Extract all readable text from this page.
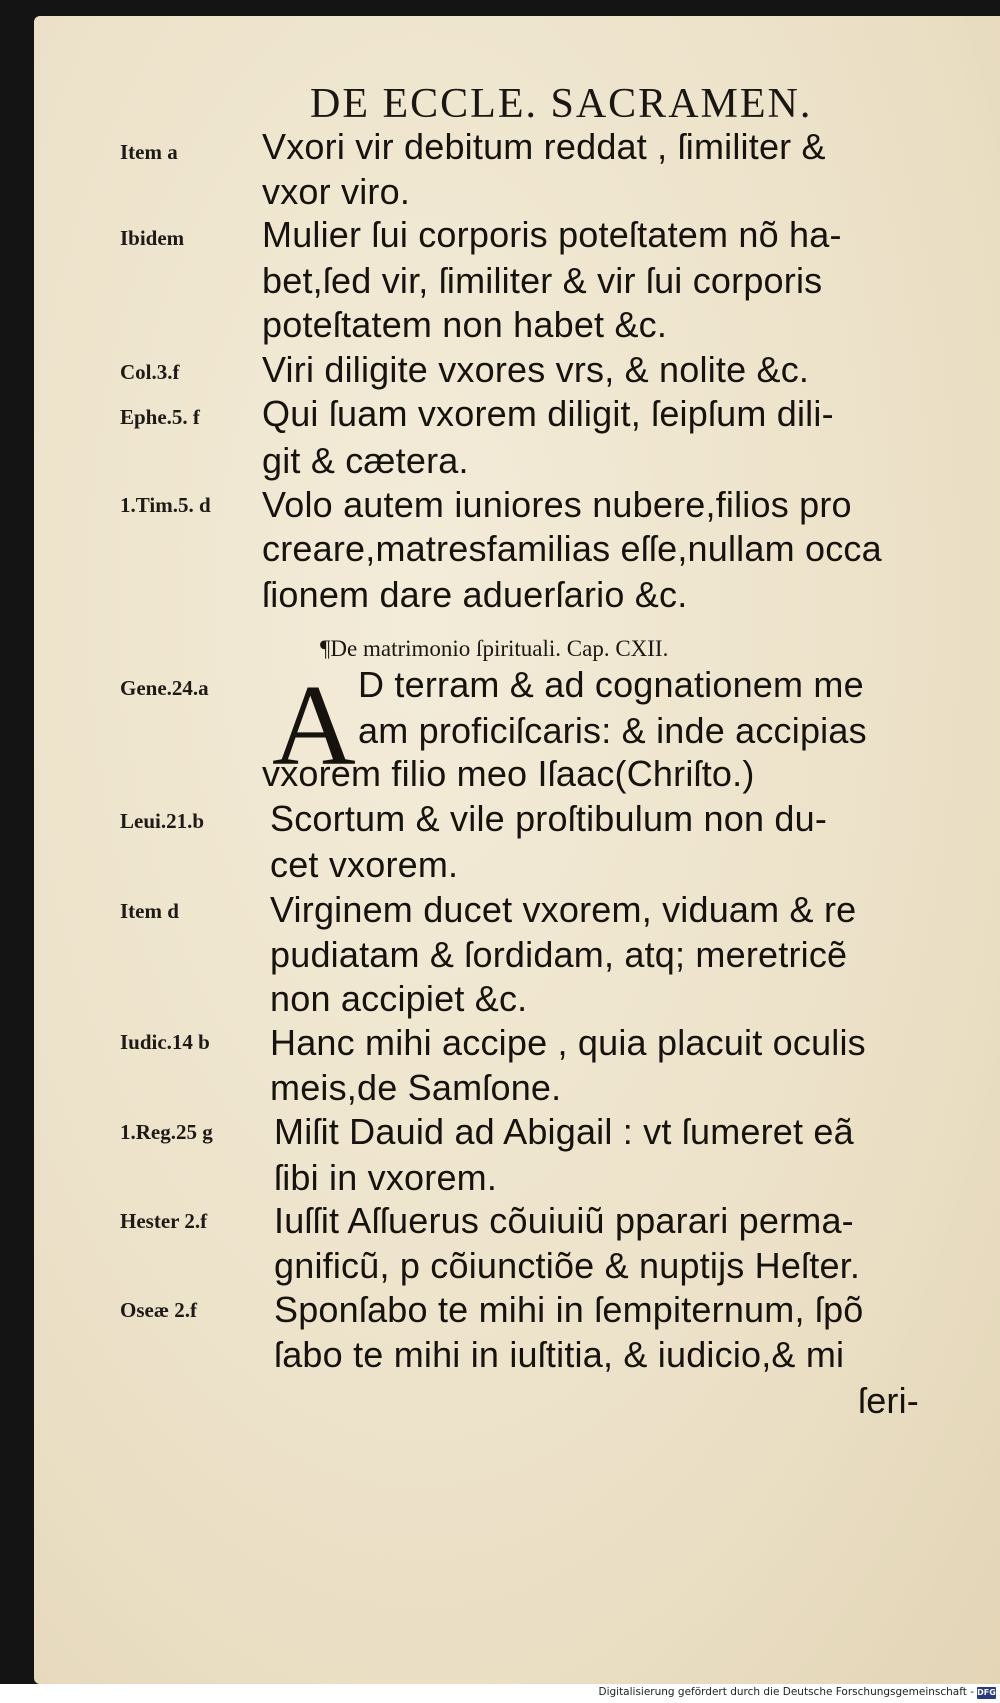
DE ECCLE. SACRAMEN.
Item a
Ibidem
Col.3.f
Ephe.5. f
1.Tim.5. d
Gene.24.a
Leui.21.b
Item d
Iudic.14 b
1.Reg.25 g
Hester 2.f
Oseæ 2.f
Vxori vir debitum reddat , ſimiliter &
vxor viro.
Mulier ſui corporis poteſtatem nõ ha-
bet,ſed vir, ſimiliter & vir ſui corporis
poteſtatem non habet &c.
Viri diligite vxores vrs, & nolite &c.
Qui ſuam vxorem diligit, ſeipſum dili-
git & cætera.
Volo autem iuniores nubere,filios pro
creare,matresfamilias eſſe,nullam occa
ſionem dare aduerſario &c.
¶De matrimonio ſpirituali. Cap. CXII.
A D terram & ad cognationem me
am proficiſcaris: & inde accipias
vxorem filio meo Iſaac(Chriſto.)
Scortum & vile proſtibulum non du-
cet vxorem.
Virginem ducet vxorem, viduam & re
pudiatam & ſordidam, atq; meretricẽ
non accipiet &c.
Hanc mihi accipe , quia placuit oculis
meis,de Samſone.
Miſit Dauid ad Abigail : vt ſumeret eã
ſibi in vxorem.
Iuſſit Aſſuerus cõuiuiũ pparari perma-
gnificũ, p cõiunctiõe & nuptijs Heſter.
Sponſabo te mihi in ſempiternum, ſpõ
ſabo te mihi in iuſtitia, & iudicio,& mi
ſeri-
Digitalisierung gefördert durch die Deutsche Forschungsgemeinschaft - DFG
